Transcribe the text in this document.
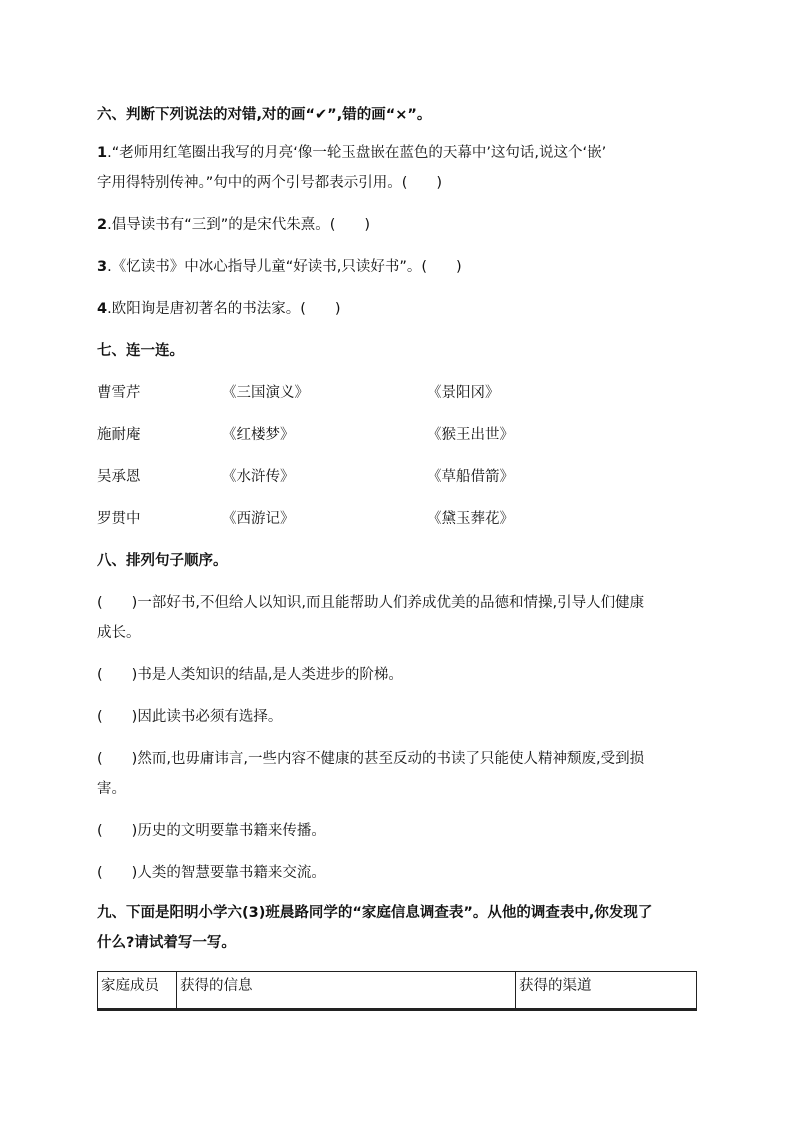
六、判断下列说法的对错,对的画“✔”,错的画“×”。
1.“老师用红笔圈出我写的月亮‘像一轮玉盘嵌在蓝色的天幕中’这句话,说这个‘嵌’
字用得特别传神。”句中的两个引号都表示引用。(　　)
2.倡导读书有“三到”的是宋代朱熹。(　　)
3.《忆读书》中冰心指导儿童“好读书,只读好书”。(　　)
4.欧阳询是唐初著名的书法家。(　　)
七、连一连。
曹雪芹	《三国演义》	《景阳冈》
施耐庵	《红楼梦》	《猴王出世》
吴承恩	《水浒传》	《草船借箭》
罗贯中	《西游记》	《黛玉葬花》
八、排列句子顺序。
(　　)一部好书,不但给人以知识,而且能帮助人们养成优美的品德和情操,引导人们健康
成长。
(　　)书是人类知识的结晶,是人类进步的阶梯。
(　　)因此读书必须有选择。
(　　)然而,也毋庸讳言,一些内容不健康的甚至反动的书读了只能使人精神颓废,受到损
害。
(　　)历史的文明要靠书籍来传播。
(　　)人类的智慧要靠书籍来交流。
九、下面是阳明小学六(3)班晨路同学的“家庭信息调查表”。从他的调查表中,你发现了
什么?请试着写一写。
家庭成员	获得的信息	获得的渠道
